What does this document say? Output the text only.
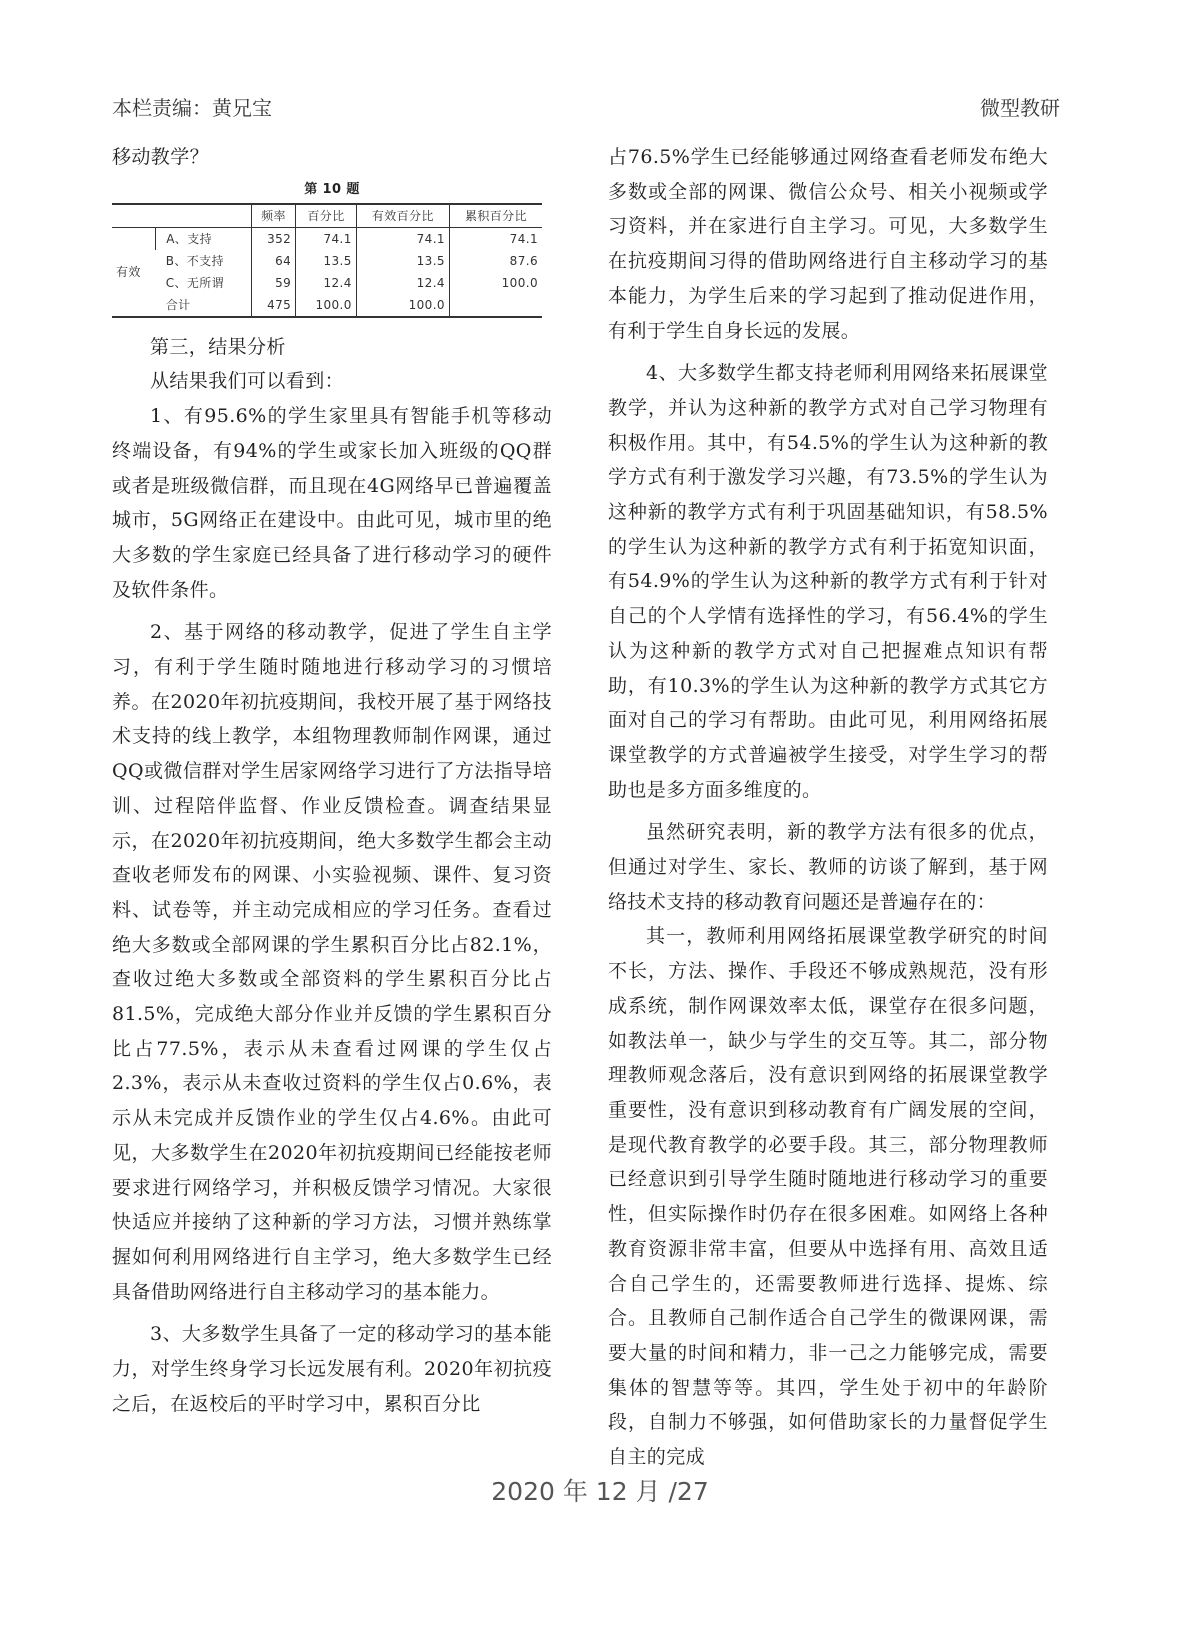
本栏责编：黄兄宝	微型教研

移动教学？

第 10 题
		频率	百分比	有效百分比	累积百分比
有效	A、支持	352	74.1	74.1	74.1
	B、不支持	64	13.5	13.5	87.6
	C、无所谓	59	12.4	12.4	100.0
	合计	475	100.0	100.0	

第三，结果分析

从结果我们可以看到：

1、有95.6%的学生家里具有智能手机等移动终端设备，有94%的学生或家长加入班级的QQ群或者是班级微信群，而且现在4G网络早已普遍覆盖城市，5G网络正在建设中。由此可见，城市里的绝大多数的学生家庭已经具备了进行移动学习的硬件及软件条件。

2、基于网络的移动教学，促进了学生自主学习，有利于学生随时随地进行移动学习的习惯培养。在2020年初抗疫期间，我校开展了基于网络技术支持的线上教学，本组物理教师制作网课，通过QQ或微信群对学生居家网络学习进行了方法指导培训、过程陪伴监督、作业反馈检查。调查结果显示，在2020年初抗疫期间，绝大多数学生都会主动查收老师发布的网课、小实验视频、课件、复习资料、试卷等，并主动完成相应的学习任务。查看过绝大多数或全部网课的学生累积百分比占82.1%，查收过绝大多数或全部资料的学生累积百分比占 81.5%，完成绝大部分作业并反馈的学生累积百分比占77.5%，表示从未查看过网课的学生仅占2.3%，表示从未查收过资料的学生仅占0.6%，表示从未完成并反馈作业的学生仅占4.6%。由此可见，大多数学生在2020年初抗疫期间已经能按老师要求进行网络学习，并积极反馈学习情况。大家很快适应并接纳了这种新的学习方法，习惯并熟练掌握如何利用网络进行自主学习，绝大多数学生已经具备借助网络进行自主移动学习的基本能力。

3、大多数学生具备了一定的移动学习的基本能力，对学生终身学习长远发展有利。2020年初抗疫之后，在返校后的平时学习中，累积百分比

占76.5%学生已经能够通过网络查看老师发布绝大多数或全部的网课、微信公众号、相关小视频或学习资料，并在家进行自主学习。可见，大多数学生在抗疫期间习得的借助网络进行自主移动学习的基本能力，为学生后来的学习起到了推动促进作用，有利于学生自身长远的发展。

4、大多数学生都支持老师利用网络来拓展课堂教学，并认为这种新的教学方式对自己学习物理有积极作用。其中，有54.5%的学生认为这种新的教学方式有利于激发学习兴趣，有73.5%的学生认为这种新的教学方式有利于巩固基础知识，有58.5%的学生认为这种新的教学方式有利于拓宽知识面，有54.9%的学生认为这种新的教学方式有利于针对自己的个人学情有选择性的学习，有56.4%的学生认为这种新的教学方式对自己把握难点知识有帮助，有10.3%的学生认为这种新的教学方式其它方面对自己的学习有帮助。由此可见，利用网络拓展课堂教学的方式普遍被学生接受，对学生学习的帮助也是多方面多维度的。

虽然研究表明，新的教学方法有很多的优点，但通过对学生、家长、教师的访谈了解到，基于网络技术支持的移动教育问题还是普遍存在的：

其一，教师利用网络拓展课堂教学研究的时间不长，方法、操作、手段还不够成熟规范，没有形成系统，制作网课效率太低，课堂存在很多问题，如教法单一，缺少与学生的交互等。其二，部分物理教师观念落后，没有意识到网络的拓展课堂教学重要性，没有意识到移动教育有广阔发展的空间，是现代教育教学的必要手段。其三，部分物理教师已经意识到引导学生随时随地进行移动学习的重要性，但实际操作时仍存在很多困难。如网络上各种教育资源非常丰富，但要从中选择有用、高效且适合自己学生的，还需要教师进行选择、提炼、综合。且教师自己制作适合自己学生的微课网课，需要大量的时间和精力，非一己之力能够完成，需要集体的智慧等等。其四，学生处于初中的年龄阶段，自制力不够强，如何借助家长的力量督促学生自主的完成

2020 年 12 月 /27
